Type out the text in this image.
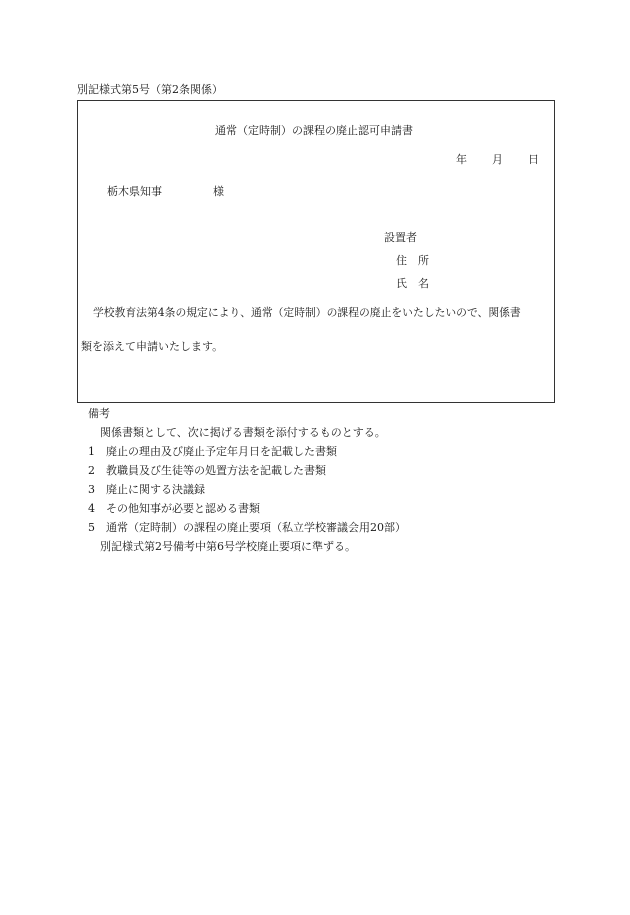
別記様式第5号（第2条関係）
通常（定時制）の課程の廃止認可申請書
年 月 日
栃木県知事	様
設置者
住　所
氏　名
学校教育法第4条の規定により、通常（定時制）の課程の廃止をいたしたいので、関係書
類を添えて申請いたします。
備考
関係書類として、次に掲げる書類を添付するものとする。
1 廃止の理由及び廃止予定年月日を記載した書類
2 教職員及び生徒等の処置方法を記載した書類
3 廃止に関する決議録
4 その他知事が必要と認める書類
5 通常（定時制）の課程の廃止要項（私立学校審議会用20部）
別記様式第2号備考中第6号学校廃止要項に準ずる。
